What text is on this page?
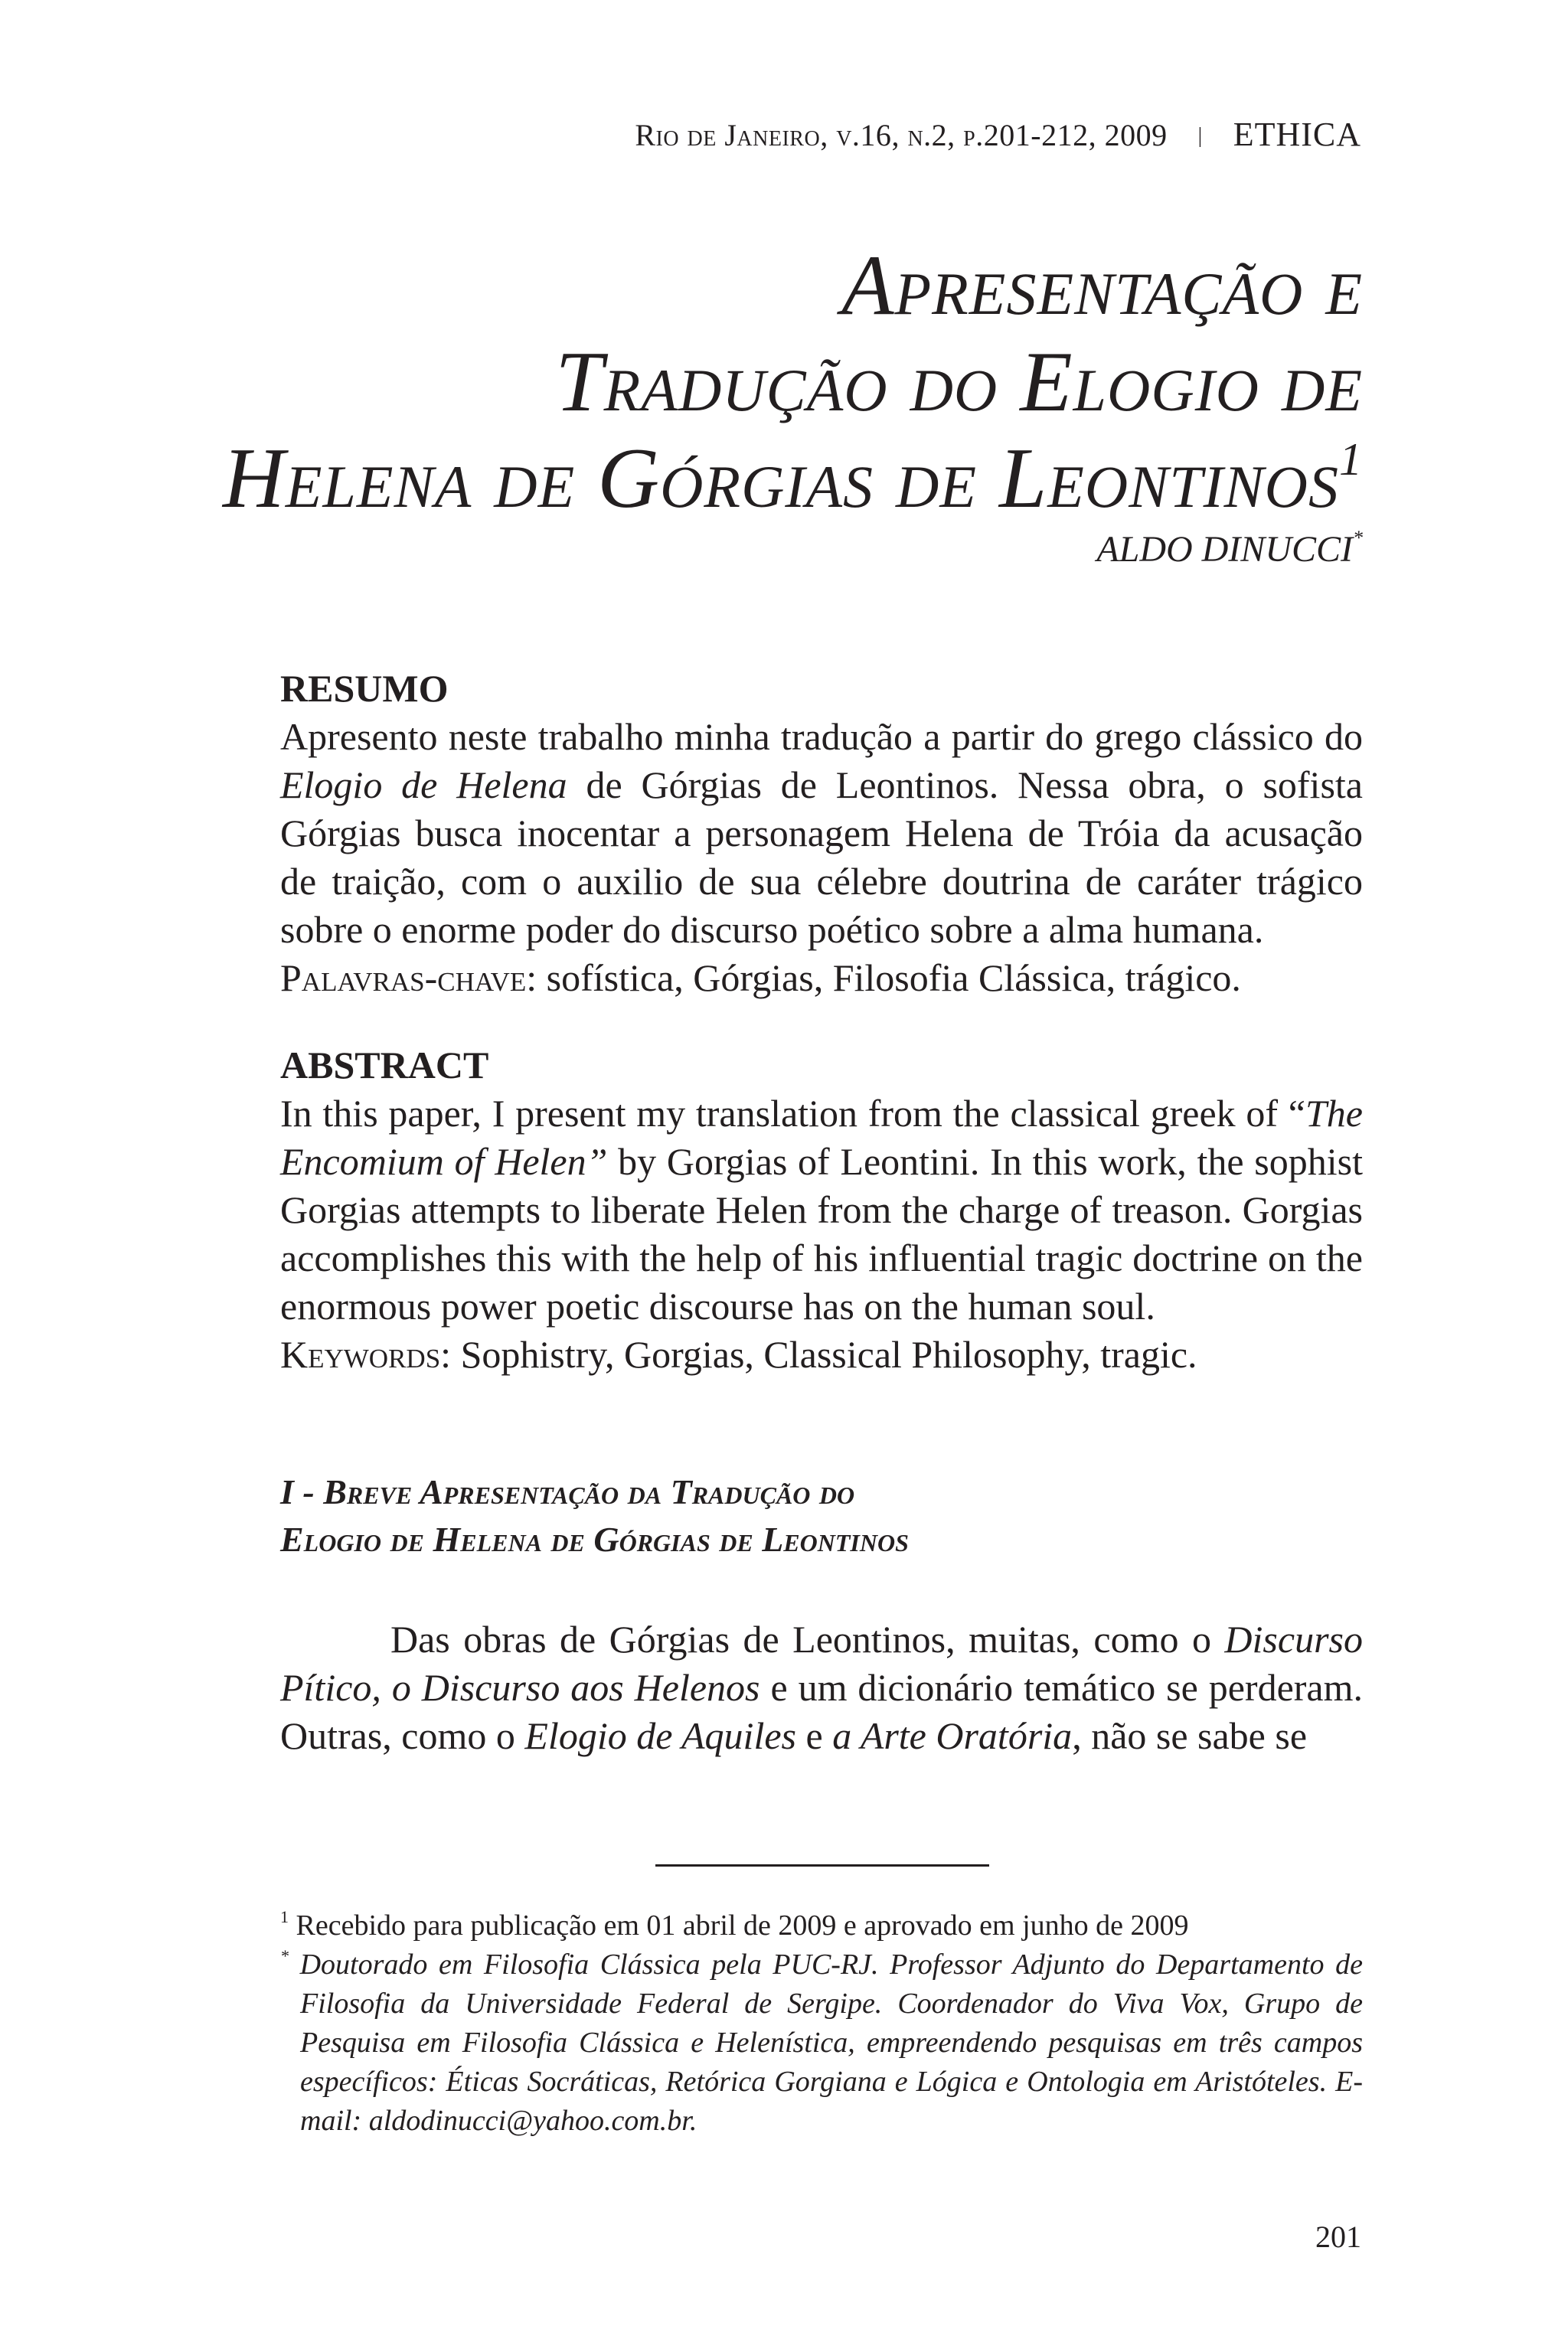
Rio de Janeiro, v.16, n.2, p.201-212, 2009 | ETHICA
Apresentação e
Tradução do Elogio de
Helena de Górgias de Leontinos$^1$
ALDO DINUCCI*
RESUMO

Apresento neste trabalho minha tradução a partir do grego clássico do Elogio de Helena de Górgias de Leontinos. Nessa obra, o sofista Górgias busca inocentar a personagem Helena de Tróia da acusação de traição, com o auxilio de sua célebre doutrina de caráter trágico sobre o enorme poder do discurso poético sobre a alma humana.

Palavras-chave: sofística, Górgias, Filosofia Clássica, trágico.

ABSTRACT

In this paper, I present my translation from the classical greek of “The Encomium of Helen” by Gorgias of Leontini. In this work, the sophist Gorgias attempts to liberate Helen from the charge of treason. Gorgias accomplishes this with the help of his influential tragic doctrine on the enormous power poetic discourse has on the human soul.

Keywords: Sophistry, Gorgias, Classical Philosophy, tragic.

I - Breve Apresentação da Tradução do
Elogio de Helena de Górgias de Leontinos

Das obras de Górgias de Leontinos, muitas, como o Discurso Pítico, o Discurso aos Helenos e um dicionário temático se perderam. Outras, como o Elogio de Aquiles e a Arte Oratória, não se sabe se

$^1$ Recebido para publicação em 01 abril de 2009 e aprovado em junho de 2009

* Doutorado em Filosofia Clássica pela PUC-RJ. Professor Adjunto do Departamento de Filosofia da Universidade Federal de Sergipe. Coordenador do Viva Vox, Grupo de Pesquisa em Filosofia Clássica e Helenística, empreendendo pesquisas em três campos específicos: Éticas Socráticas, Retórica Gorgiana e Lógica e Ontologia em Aristóteles. E-mail: aldodinucci@yahoo.com.br.

201
